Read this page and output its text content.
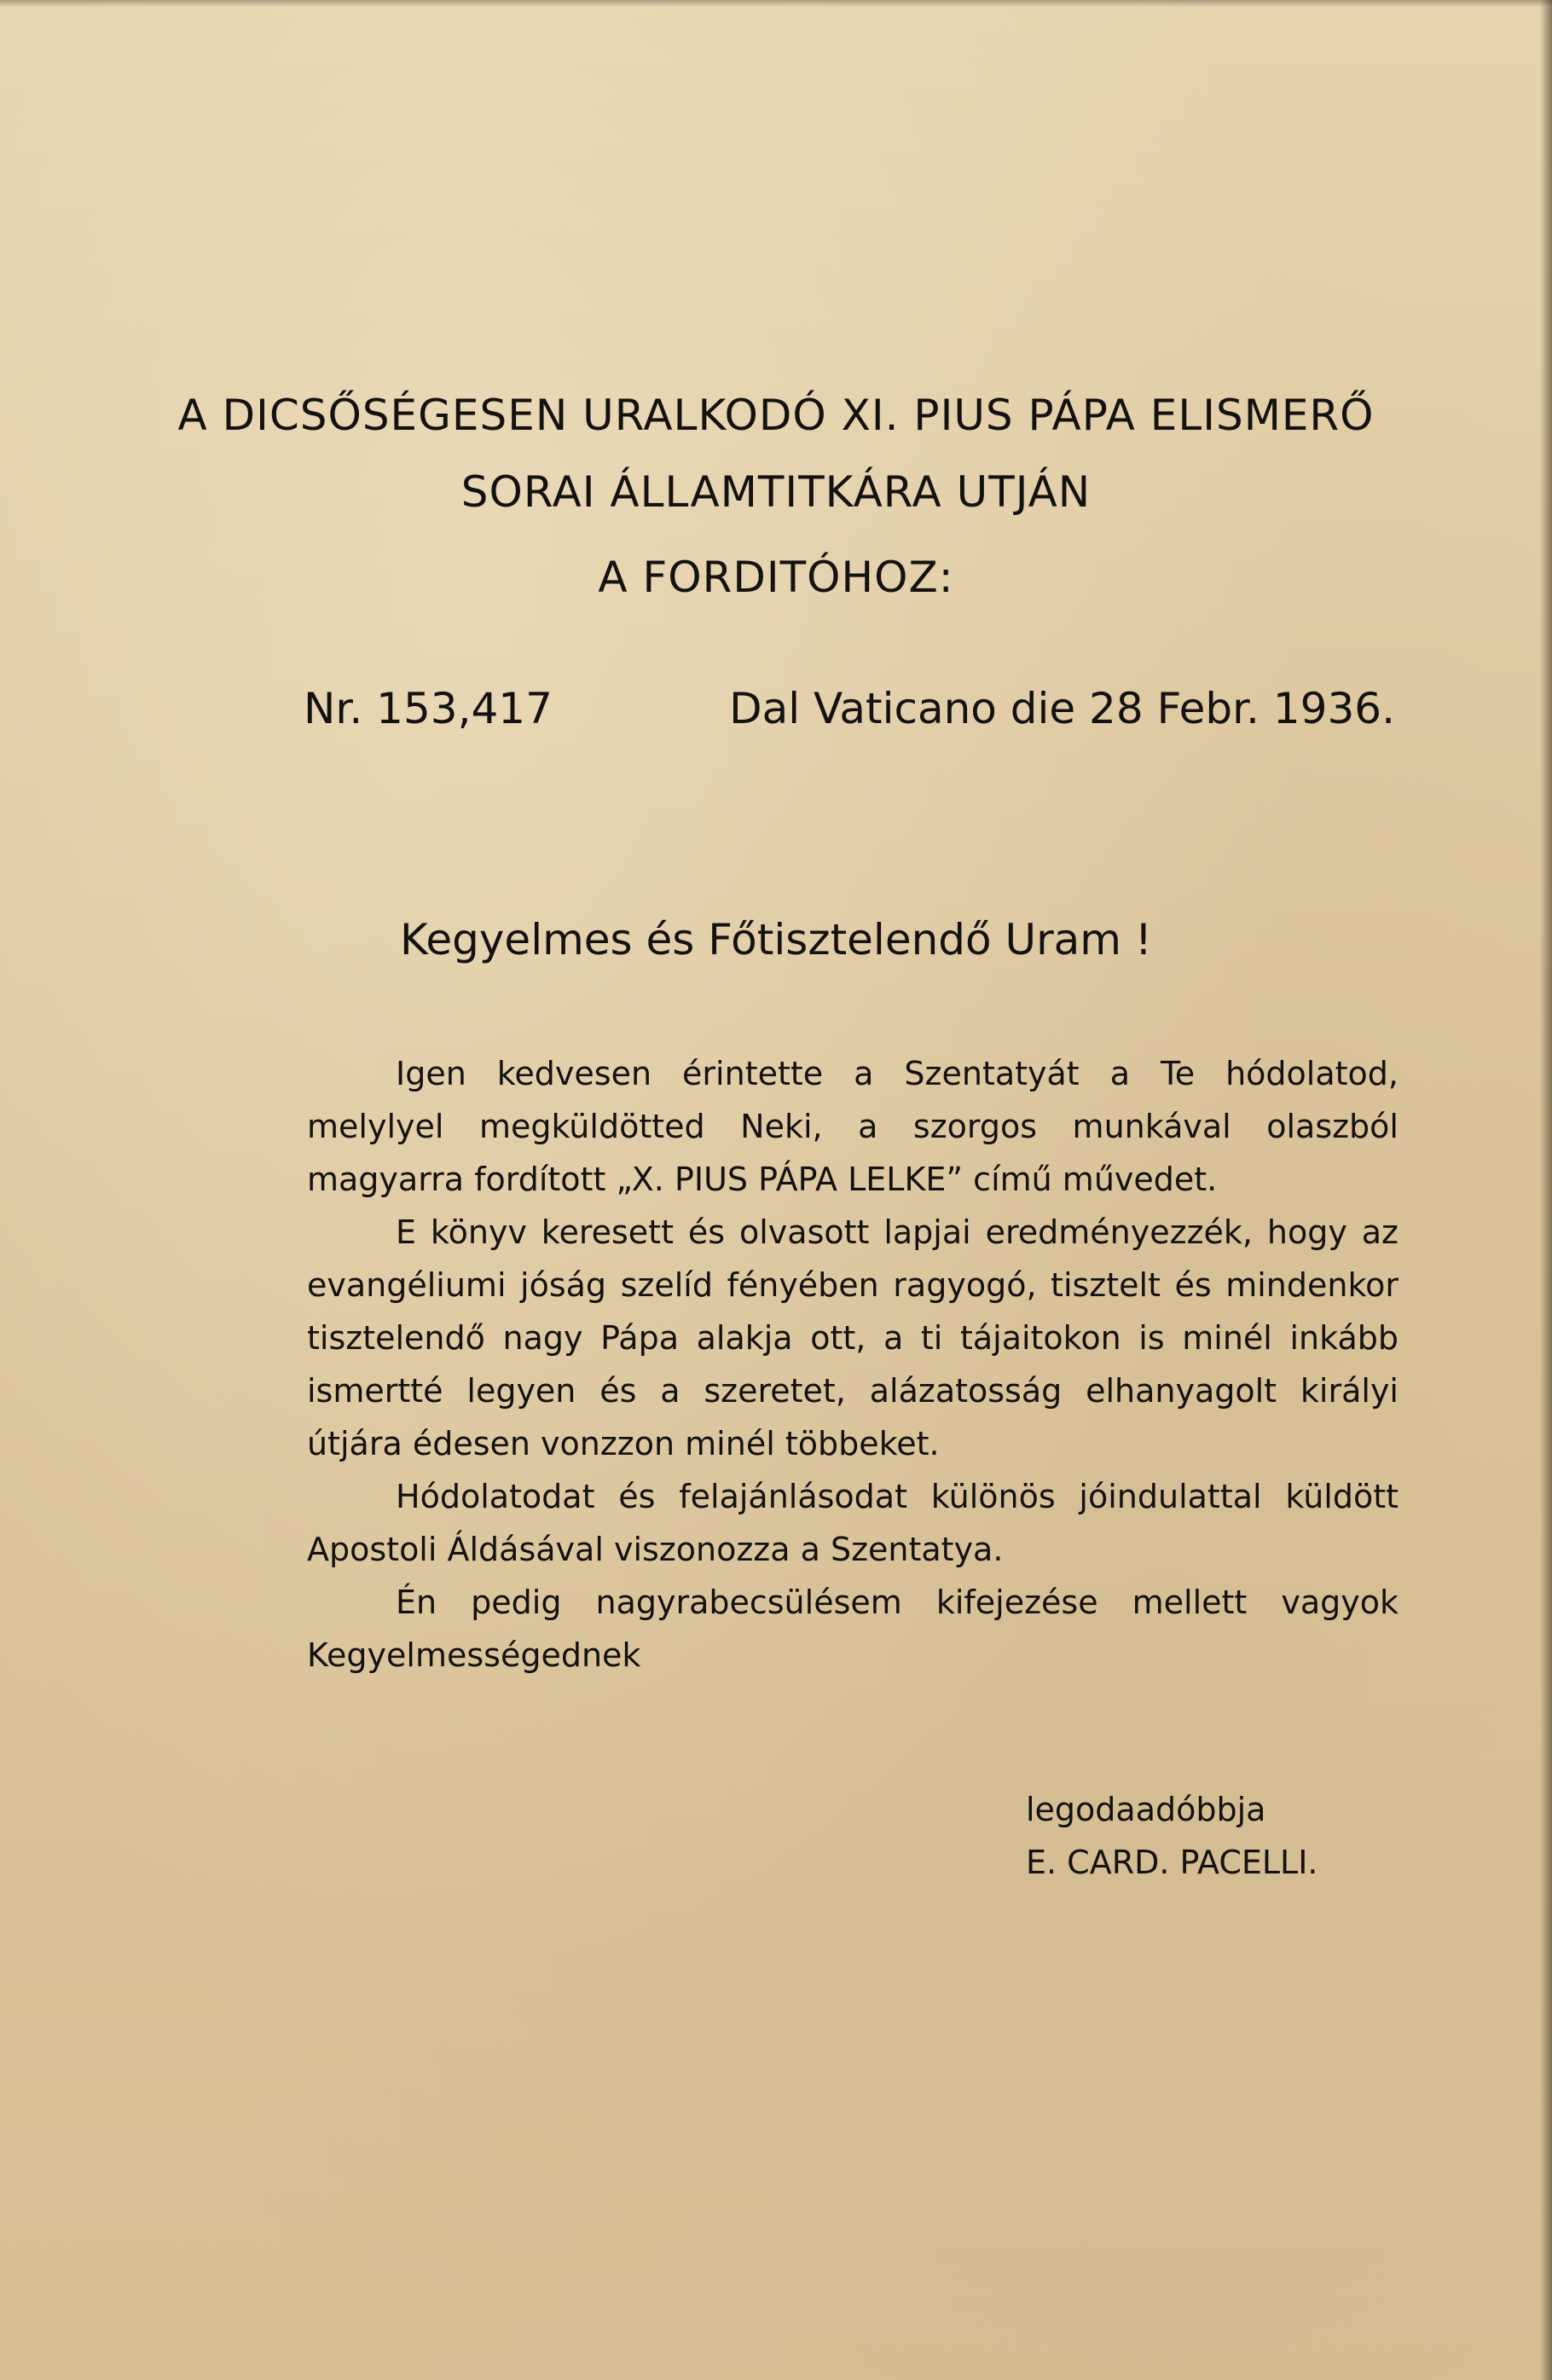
A DICSŐSÉGESEN URALKODÓ XI. PIUS PÁPA ELISMERŐ
SORAI ÁLLAMTITKÁRA UTJÁN
A FORDITÓHOZ:
Nr. 153,417	Dal Vaticano die 28 Febr. 1936.
Kegyelmes és Főtisztelendő Uram !

Igen kedvesen érintette a Szentatyát a Te hódolatod, melylyel megküldötted Neki, a szorgos munkával olaszból magyarra fordított „X. PIUS PÁPA LELKE” című művedet.

E könyv keresett és olvasott lapjai eredményezzék, hogy az evangéliumi jóság szelíd fényében ragyogó, tisztelt és mindenkor tisztelendő nagy Pápa alakja ott, a ti tájaitokon is minél inkább ismertté legyen és a szeretet, alázatosság elhanyagolt királyi útjára édesen vonzzon minél többeket.

Hódolatodat és felajánlásodat különös jóindulattal küldött Apostoli Áldásával viszonozza a Szentatya.

Én pedig nagyrabecsülésem kifejezése mellett vagyok Kegyelmességednek

legodaadóbbja
E. CARD. PACELLI.
